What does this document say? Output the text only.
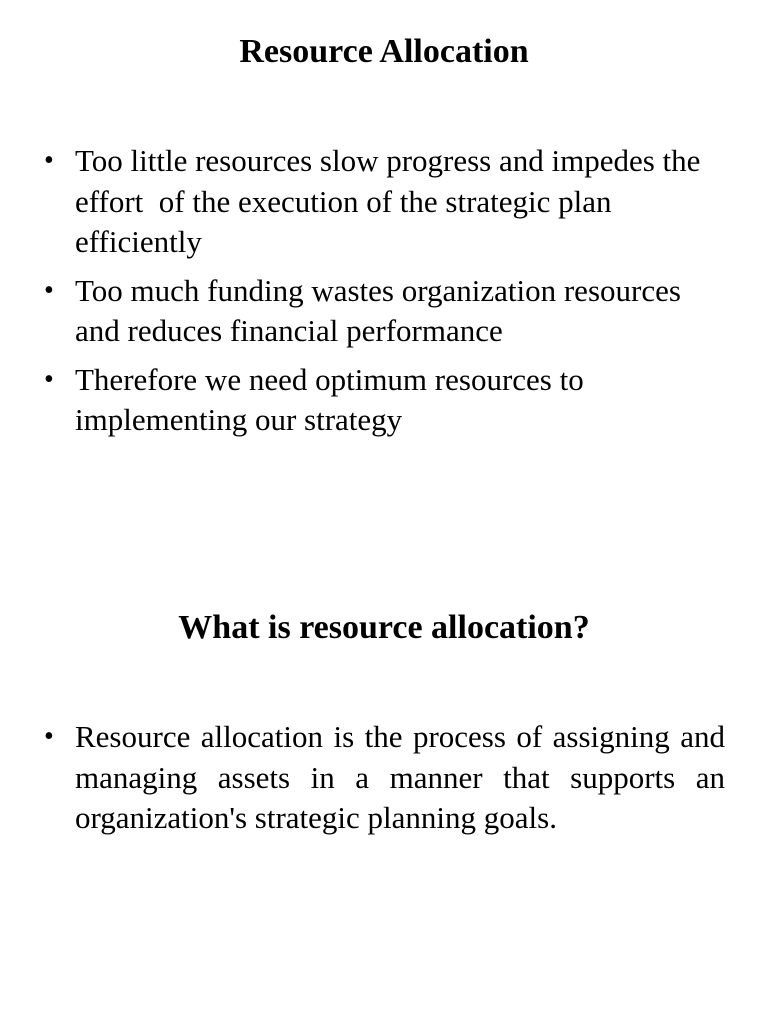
Resource Allocation
• Too little resources slow progress and impedes the effort  of the execution of the strategic plan efficiently
• Too much funding wastes organization resources and reduces financial performance
• Therefore we need optimum resources to implementing our strategy
What is resource allocation?
• Resource allocation is the process of assigning and managing assets in a manner that supports an organization's strategic planning goals.
